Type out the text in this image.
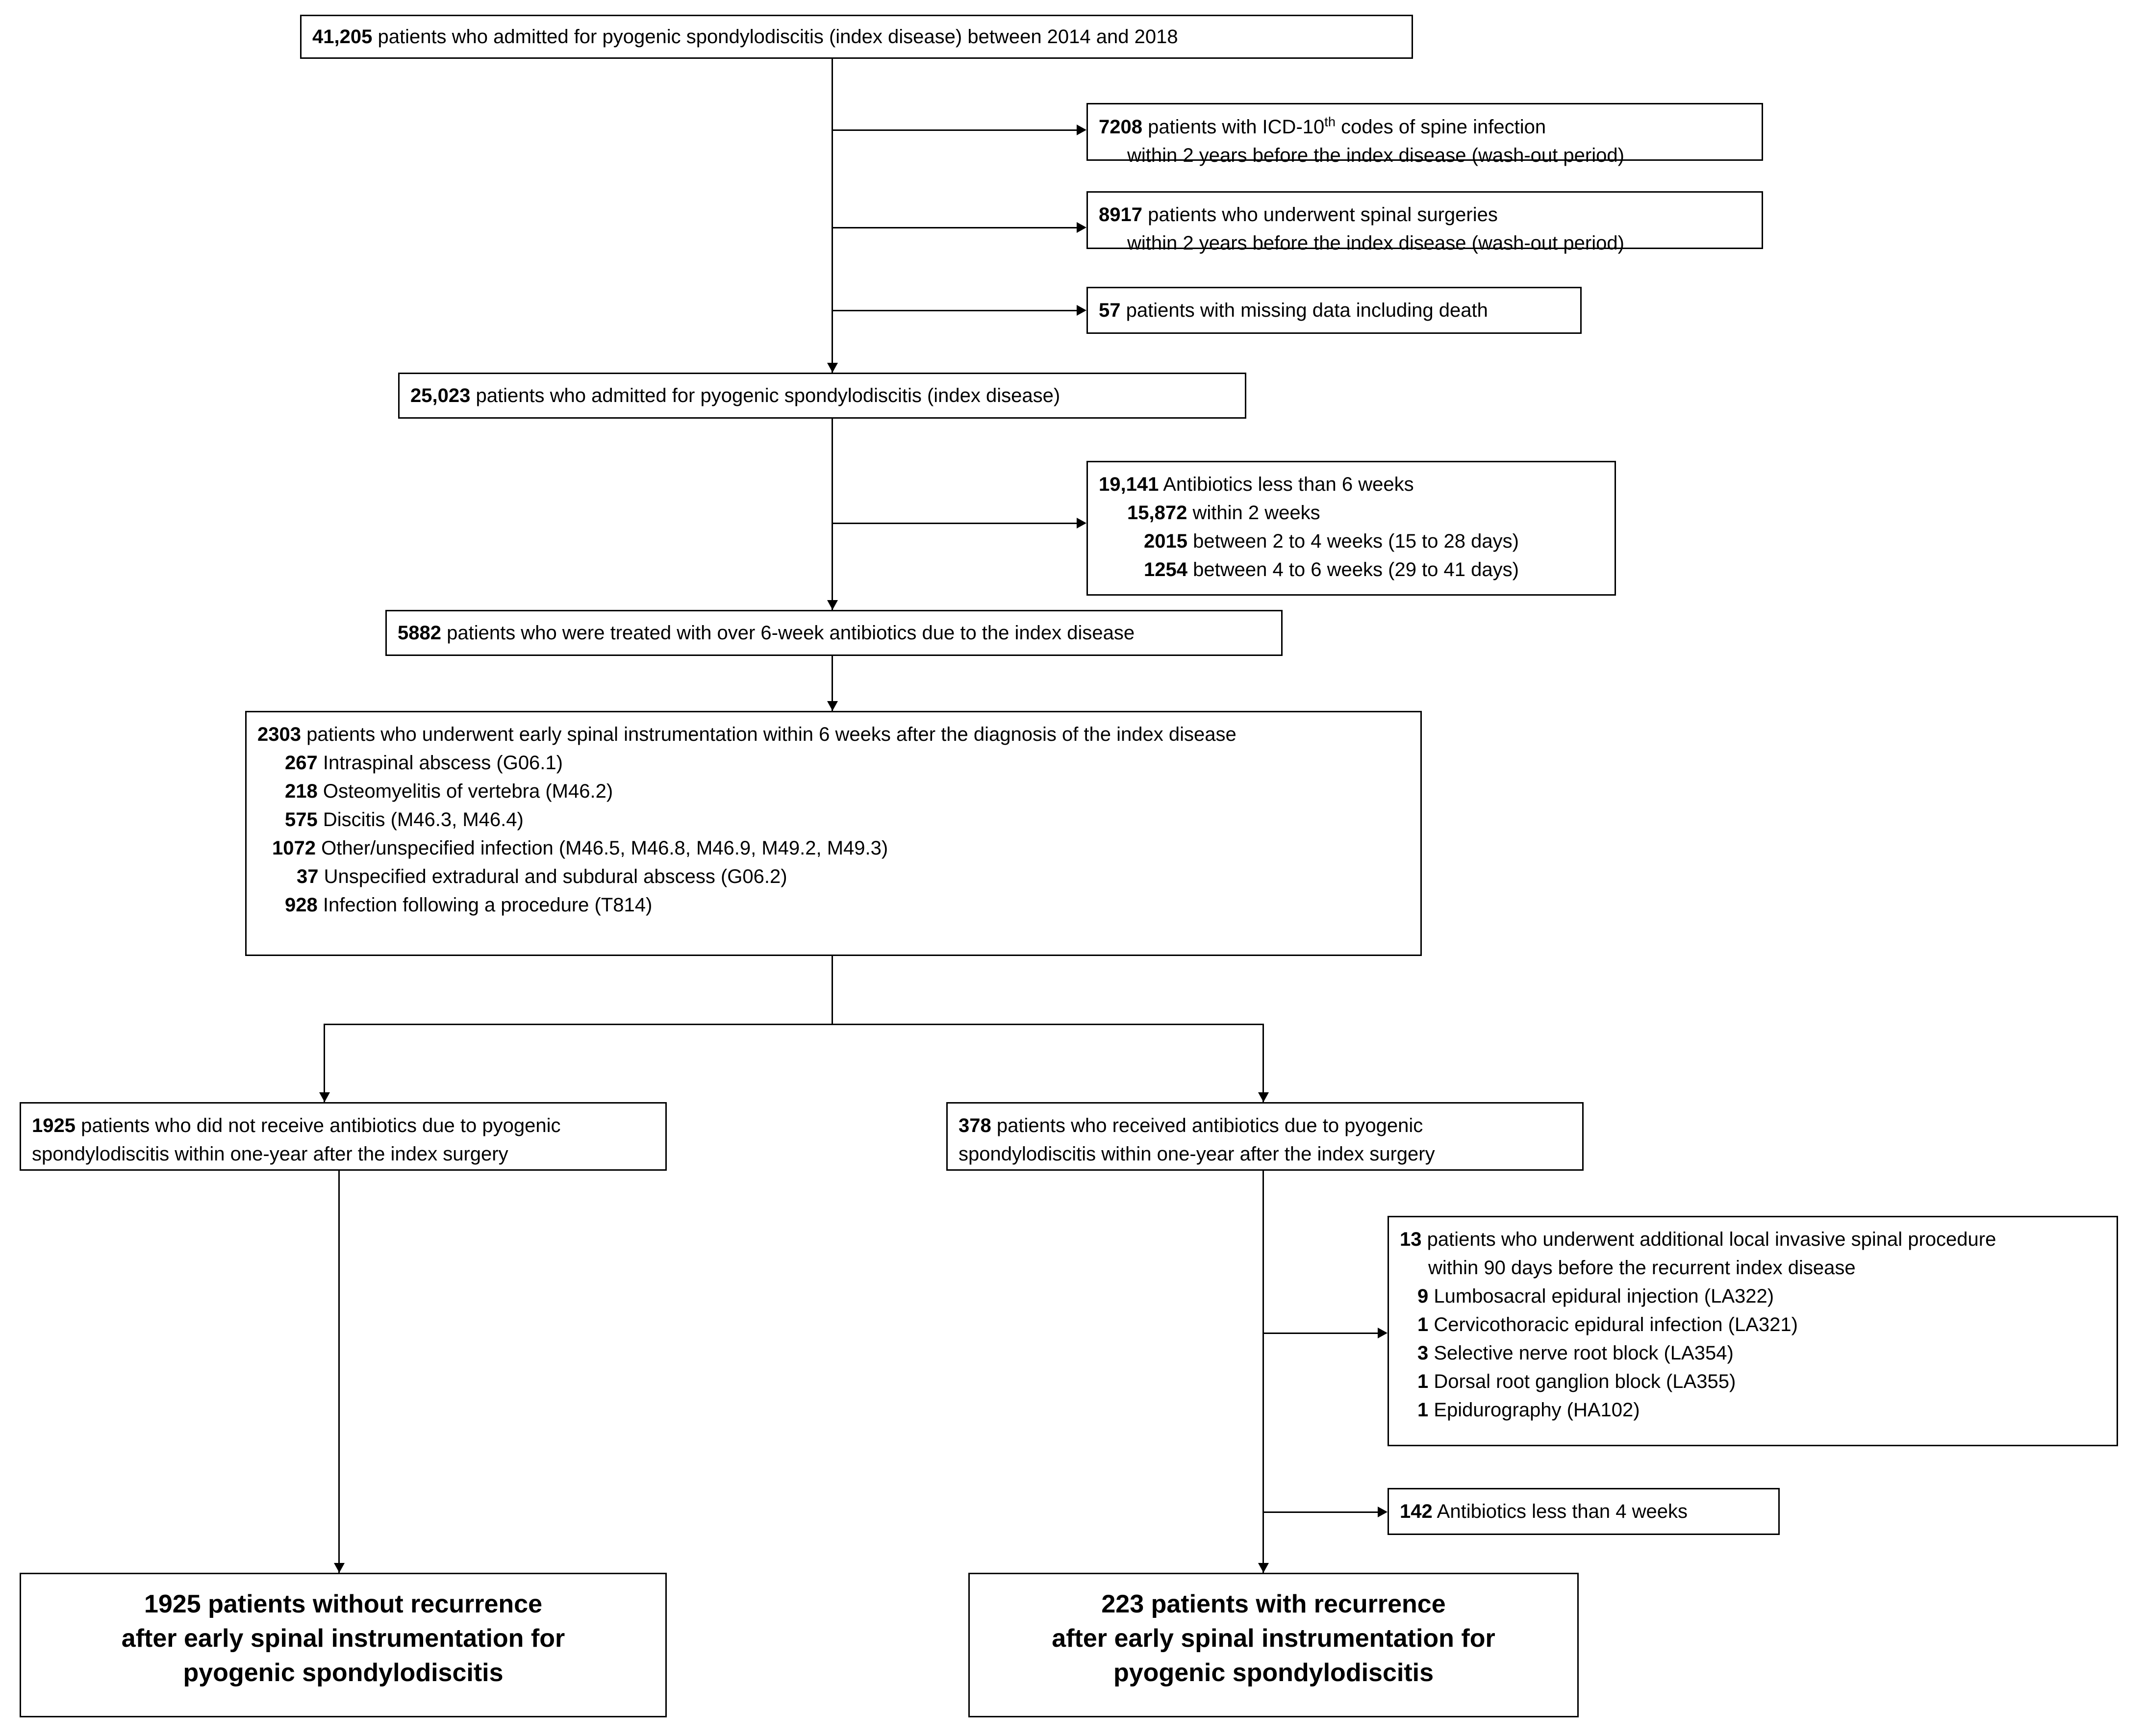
41,205 patients who admitted for pyogenic spondylodiscitis (index disease) between 2014 and 2018
7208 patients with ICD-10th codes of spine infection
within 2 years before the index disease (wash-out period)
8917 patients who underwent spinal surgeries
within 2 years before the index disease (wash-out period)
57 patients with missing data including death
25,023 patients who admitted for pyogenic spondylodiscitis (index disease)
19,141 Antibiotics less than 6 weeks
15,872 within 2 weeks
2015 between 2 to 4 weeks (15 to 28 days)
1254 between 4 to 6 weeks (29 to 41 days)
5882 patients who were treated with over 6-week antibiotics due to the index disease
2303 patients who underwent early spinal instrumentation within 6 weeks after the diagnosis of the index disease
267 Intraspinal abscess (G06.1)
218 Osteomyelitis of vertebra (M46.2)
575 Discitis (M46.3, M46.4)
1072 Other/unspecified infection (M46.5, M46.8, M46.9, M49.2, M49.3)
37 Unspecified extradural and subdural abscess (G06.2)
928 Infection following a procedure (T814)
1925 patients who did not receive antibiotics due to pyogenic
spondylodiscitis within one-year after the index surgery
378 patients who received antibiotics due to pyogenic
spondylodiscitis within one-year after the index surgery
13 patients who underwent additional local invasive spinal procedure
within 90 days before the recurrent index disease
9 Lumbosacral epidural injection (LA322)
1 Cervicothoracic epidural infection (LA321)
3 Selective nerve root block (LA354)
1 Dorsal root ganglion block (LA355)
1 Epidurography (HA102)
142 Antibiotics less than 4 weeks
1925 patients without recurrence
after early spinal instrumentation for
pyogenic spondylodiscitis
223 patients with recurrence
after early spinal instrumentation for
pyogenic spondylodiscitis
